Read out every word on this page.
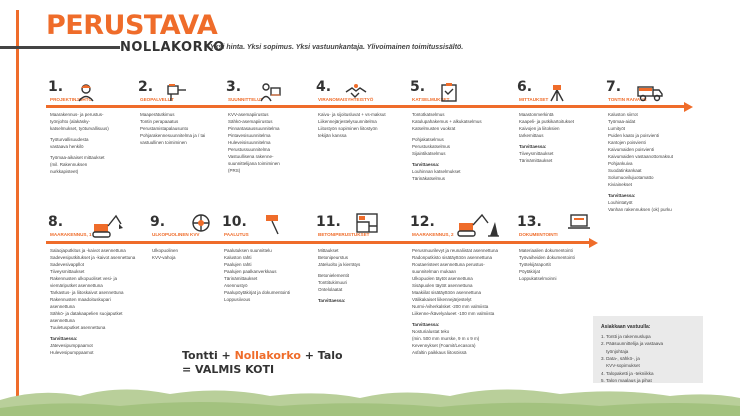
PERUSTAVA
NOLLAKORKO
Yksi hinta. Yksi sopimus. Yksi vastuunkantaja. Ylivoimainen toimitussisältö.
1.
PROJEKTINJOHTO

Maarakennus- ja perustus-
työnjohto (alakäsky-
katselmukset, työturvallisuus)

Työturvallisuudesta
vastaava henkilö

Työmaa-aikaiset mittaukset
(mil. Rakennuksen
nurkkapisteet)

2.
GEOPALVELUT

Maaperätutkimus
Tontin perapaaatus
Perustamistapalausunto
Pohjarakennesuunnitelma ja / tai
vastuullinen toimiminen

3.
SUUNNITTELUT

KVV-asemapiirustus
Sähkö-asemapiirustus
Pinnantasaussuunnitelma
Pintavesisuunnitelma
Huleveisisuunnitelma
Perustussuunnitelma
Vastuullisena rakenne-
suunnittelijana toimiminen
(PRS)

4.
VIRANOMAISYHTEISTYÖ

Kaivu- ja sijoitusluvat + vs-maksut
Liikennejärjestelysuunnitelma
Liitostyön sopiminen liitostyön
tekijän kanssa

5.
KATSELMUKSET

Tontotkatselmus
Katulupahakemus + alkukatselmus
Katselmusten vuokrat

Pohjakatselmus
Perustuskatselmus
Sijaintikatselmus

Tarvittaessa:
Louhinnan katselmukset
Tärinäkatselmus

6.
MITTAUKSET

Maastonmerkintä
Kaapeli- ja putkikartoitukset
Kaivojen ja liitoksien
tarkemittaus

Tarvittaessa:
Tiiveysmittaukset
Tärinämittaukset

7.
TONTIN RAIVAUS

Kaluston siirrot
Työmaa-aidat
Lumityöt
Puiden kaato ja poisvienti
Kantojen poisvienti
Kaivumaiden poisvienti
Kaivumaiden vastaanottomaksut
Pohjankuiva
Suodatinkankaat
Solumuovilujuotamatto
Kiviainekset

Tarvittaessa:
Louhintatyöt
Vanhan rakennuksen (ok) purku

8.
MAARAKENNUS, 1

Salaojaputkitus ja -kaivot asennettuna
Sadevesiputkitukset ja -kaivot asennettuna
Sadevesivappllot
Tiiveysmittaukset
Rakennusten ulkopuoliset vesi- ja
viemäriputket asennettuna
Tarkastus- ja liitoskaivot asennettuna
Rakennusten maadoituskupari
asennettuna
Sähkö- ja datakaapelien suojaputket
asennettuna
Tuuletusputket asennettuna

Tarvittaessa:
Jätevesipumppaamot
Hulevesipumppaamot

9.
ULKOPUOLINEN KVV

Ulkopuolinen
KVV-vahoja

10.
PAALUTUS

Paalutuksen suunnittelu
Kaluston rahti
Paalujen rahti
Paalujen paalkanverkkaus
Tärinämittaukset
Asennustyö
Paalupöytäkirjat ja dokumentointi
Loppusiivous

11.
BETONIPERUSTUKSET

Mittaukset
Betonipeurstus
Jäteluolto ja kierrätys

Betonielementit
Tonttitukimuuri
Ontelolaatat

Tarvittaessa:

12.
MAARAKENNUS, 2

Perusmuurilevyt ja reunaliistat asennettuna
Radonputkisto sisätäyttöön asennettuna
Routaeristeet asennettuna perustus-
suunnitelman mukaan
Ulkopuolen täytöt asennettuna
Sisäpuolen täytöt asennettuna
Maakiilat sisätäyttöön asennettuna
Välikakaiset liikennejärjestelyt
Nurmi-/viherkalsket -200 mm valmiista
Liikenne-/kävelyalueet -100 mm valmiista

Tarvittaessa:
Nosturialustat teko
(min. 500 mm murske, 9 m x 9 m)
Kevennykset (Foamit/Lecasora)
Asfaltin paikkaus liitosöissä

13.
DOKUMENTOINTI

Materiaalien dokumentointi
Työvaiheiden dokumentointi
Työtekijäraportit
Pöytäkirjat
Loppukatselmoinni

Tontti + Nollakorko + Talo
= VALMIS KOTI
Asiakkaan vastuulla:
1. Tontti ja rakennuslupa
2. Pääsuunnittelija ja vastaava
työnjohtaja
3. Data-, sähkö-, ja
KVV-sopimukset
4. Talopaketti ja -tekniikka
5. Talon maalaus ja pihat
